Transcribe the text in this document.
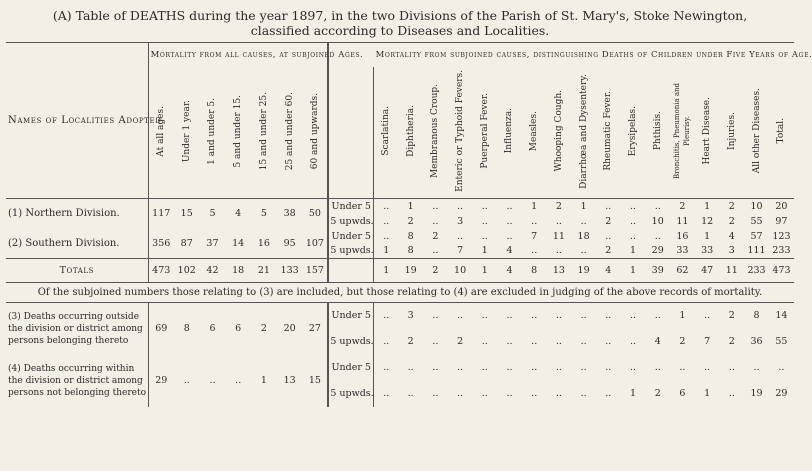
(A) Table of DEATHS during the year 1897, in the two Divisions of the Parish of St. Mary's, Stoke Newington,
classified according to Diseases and Localities.
Names of Localities Adopted.	Mortality from all causes, at subjoined Ages.								Mortality from subjoined causes, distinguishing Deaths of Children under Five Years of Age.																
	At all ages.	Under 1 year.	1 and under 5.	5 and under 15.	15 and under 25.	25 and under 60.	60 and upwards.		Scarlatina.	Diphtheria.	Membranous Croup.	Enteric or Typhoid Fevers.	Puerperal Fever.	Influenza.	Measles.	Whooping Cough.	Diarrhœa and Dysentery.	Rheumatic Fever.	Erysipelas.	Phthisis.	Bronchitis, Pneumonia and Pleurisy.	Heart Disease.	Injuries.	All other Diseases.	Total.
(1) Northern Division.	117	15	5	4	5	38	50	Under 5	..	1	..	..	..	..	1	2	1	..	..	..	2	1	2	10	20
								5 upwds.	..	2	..	3	..	..	..	..	..	2	..	10	11	12	2	55	97
(2) Southern Division.	356	87	37	14	16	95	107	Under 5	..	8	2	..	..	..	7	11	18	..	..	..	16	1	4	57	123
								5 upwds.	1	8	..	7	1	4	..	..	..	2	1	29	33	33	3	111	233
Totals	473	102	42	18	21	133	157		1	19	2	10	1	4	8	13	19	4	1	39	62	47	11	233	473
Of the subjoined numbers those relating to (3) are included, but those relating to (4) are excluded in judging of the above records of mortality.																									
(3) Deaths occurring outside the division or district among persons belonging thereto	69	8	6	6	2	20	27	Under 5	..	3	..	..	..	..	..	..	..	..	..	..	1	..	2	8	14
								5 upwds.	..	2	..	2	..	..	..	..	..	..	..	4	2	7	2	36	55
(4) Deaths occurring within the division or district among persons not belonging thereto	29	..	..	..	1	13	15	Under 5	..	..	..	..	..	..	..	..	..	..	..	..	..	..	..	..	..
								5 upwds.	..	..	..	..	..	..	..	..	..	..	1	2	6	1	..	19	29
